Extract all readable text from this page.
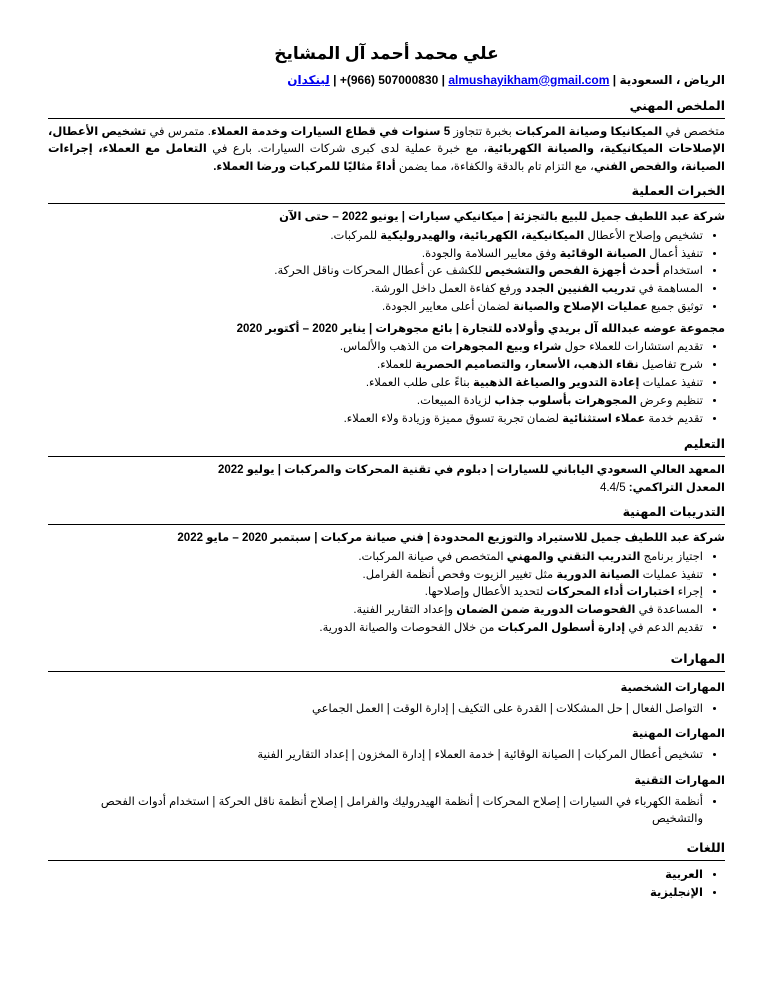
علي محمد أحمد آل المشايخ
الرياض ، السعودية | almushayikham@gmail.com | +(966) 507000830 | لينكدان
الملخص المهني

متخصص في الميكانيكا وصيانة المركبات بخبرة تتجاوز 5 سنوات في قطاع السيارات وخدمة العملاء. متمرس في تشخيص الأعطال، الإصلاحات الميكانيكية، والصيانة الكهربائية، مع خبرة عملية لدى كبرى شركات السيارات. بارع في التعامل مع العملاء، إجراءات الصيانة، والفحص الفني، مع التزام تام بالدقة والكفاءة، مما يضمن أداءً مثاليًا للمركبات ورضا العملاء.

الخبرات العملية
شركة عبد اللطيف جميل للبيع بالتجزئة | ميكانيكي سيارات | يونيو 2022 – حتى الآن
• تشخيص وإصلاح الأعطال الميكانيكية، الكهربائية، والهيدروليكية للمركبات.
• تنفيذ أعمال الصيانة الوقائية وفق معايير السلامة والجودة.
• استخدام أحدث أجهزة الفحص والتشخيص للكشف عن أعطال المحركات وناقل الحركة.
• المساهمة في تدريب الفنيين الجدد ورفع كفاءة العمل داخل الورشة.
• توثيق جميع عمليات الإصلاح والصيانة لضمان أعلى معايير الجودة.
مجموعة عوضه عبدالله آل بريدي وأولاده للتجارة | بائع مجوهرات | يناير 2020 – أكتوبر 2020
• تقديم استشارات للعملاء حول شراء وبيع المجوهرات من الذهب والألماس.
• شرح تفاصيل نقاء الذهب، الأسعار، والتصاميم الحصرية للعملاء.
• تنفيذ عمليات إعادة التدوير والصياغة الذهبية بناءً على طلب العملاء.
• تنظيم وعرض المجوهرات بأسلوب جذاب لزيادة المبيعات.
• تقديم خدمة عملاء استثنائية لضمان تجربة تسوق مميزة وزيادة ولاء العملاء.
التعليم
المعهد العالي السعودي الياباني للسيارات | دبلوم في تقنية المحركات والمركبات | يوليو 2022
المعدل التراكمي: 4.4/5
التدريبات المهنية
شركة عبد اللطيف جميل للاستيراد والتوزيع المحدودة | فني صيانة مركبات | سبتمبر 2020 – مايو 2022
• اجتياز برنامج التدريب التقني والمهني المتخصص في صيانة المركبات.
• تنفيذ عمليات الصيانة الدورية مثل تغيير الزيوت وفحص أنظمة الفرامل.
• إجراء اختبارات أداء المحركات لتحديد الأعطال وإصلاحها.
• المساعدة في الفحوصات الدورية ضمن الضمان وإعداد التقارير الفنية.
• تقديم الدعم في إدارة أسطول المركبات من خلال الفحوصات والصيانة الدورية.
المهارات
المهارات الشخصية
• التواصل الفعال | حل المشكلات | القدرة على التكيف | إدارة الوقت | العمل الجماعي
المهارات المهنية
• تشخيص أعطال المركبات | الصيانة الوقائية | خدمة العملاء | إدارة المخزون | إعداد التقارير الفنية
المهارات التقنية
• أنظمة الكهرباء في السيارات | إصلاح المحركات | أنظمة الهيدروليك والفرامل | إصلاح أنظمة ناقل الحركة | استخدام أدوات الفحص والتشخيص
اللغات
• العربية
• الإنجليزية
